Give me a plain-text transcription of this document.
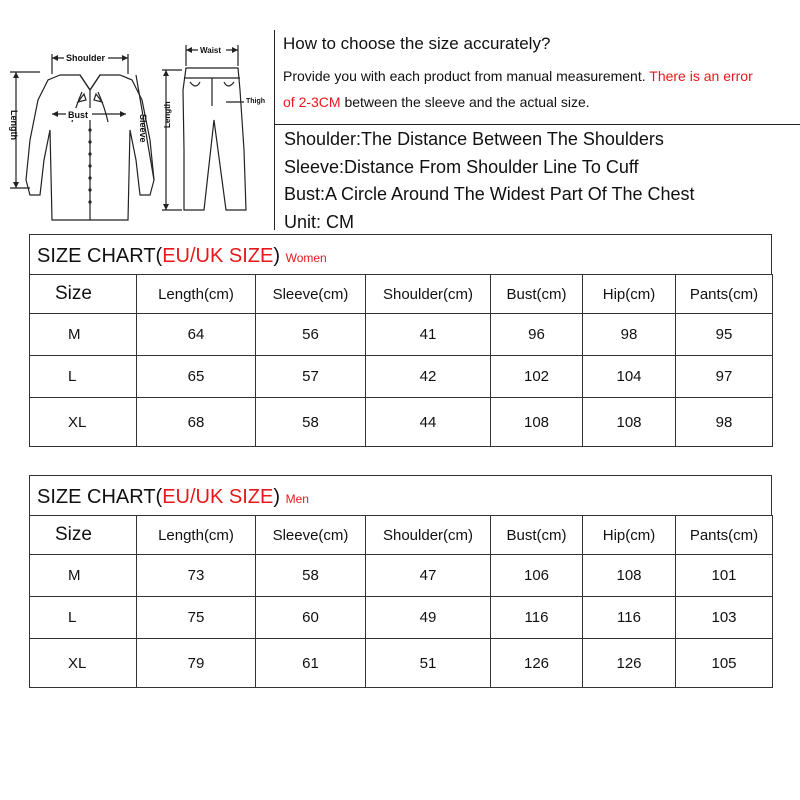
Shoulder
Bust
Length	Sleeve
Waist
Thigh
Length
How to choose the size accurately?
Provide you with each product from manual measurement. There is an error
of 2-3CM between the sleeve and the actual size.
Shoulder:The Distance Between The Shoulders
Sleeve:Distance From Shoulder Line To Cuff
Bust:A Circle Around The Widest Part Of The Chest
Unit: CM
SIZE CHART(EU/UK SIZE) Women
Size	Length(cm)	Sleeve(cm)	Shoulder(cm)	Bust(cm)	Hip(cm)	Pants(cm)
M	64	56	41	96	98	95
L	65	57	42	102	104	97
XL	68	58	44	108	108	98
SIZE CHART(EU/UK SIZE) Men
Size	Length(cm)	Sleeve(cm)	Shoulder(cm)	Bust(cm)	Hip(cm)	Pants(cm)
M	73	58	47	106	108	101
L	75	60	49	116	116	103
XL	79	61	51	126	126	105
